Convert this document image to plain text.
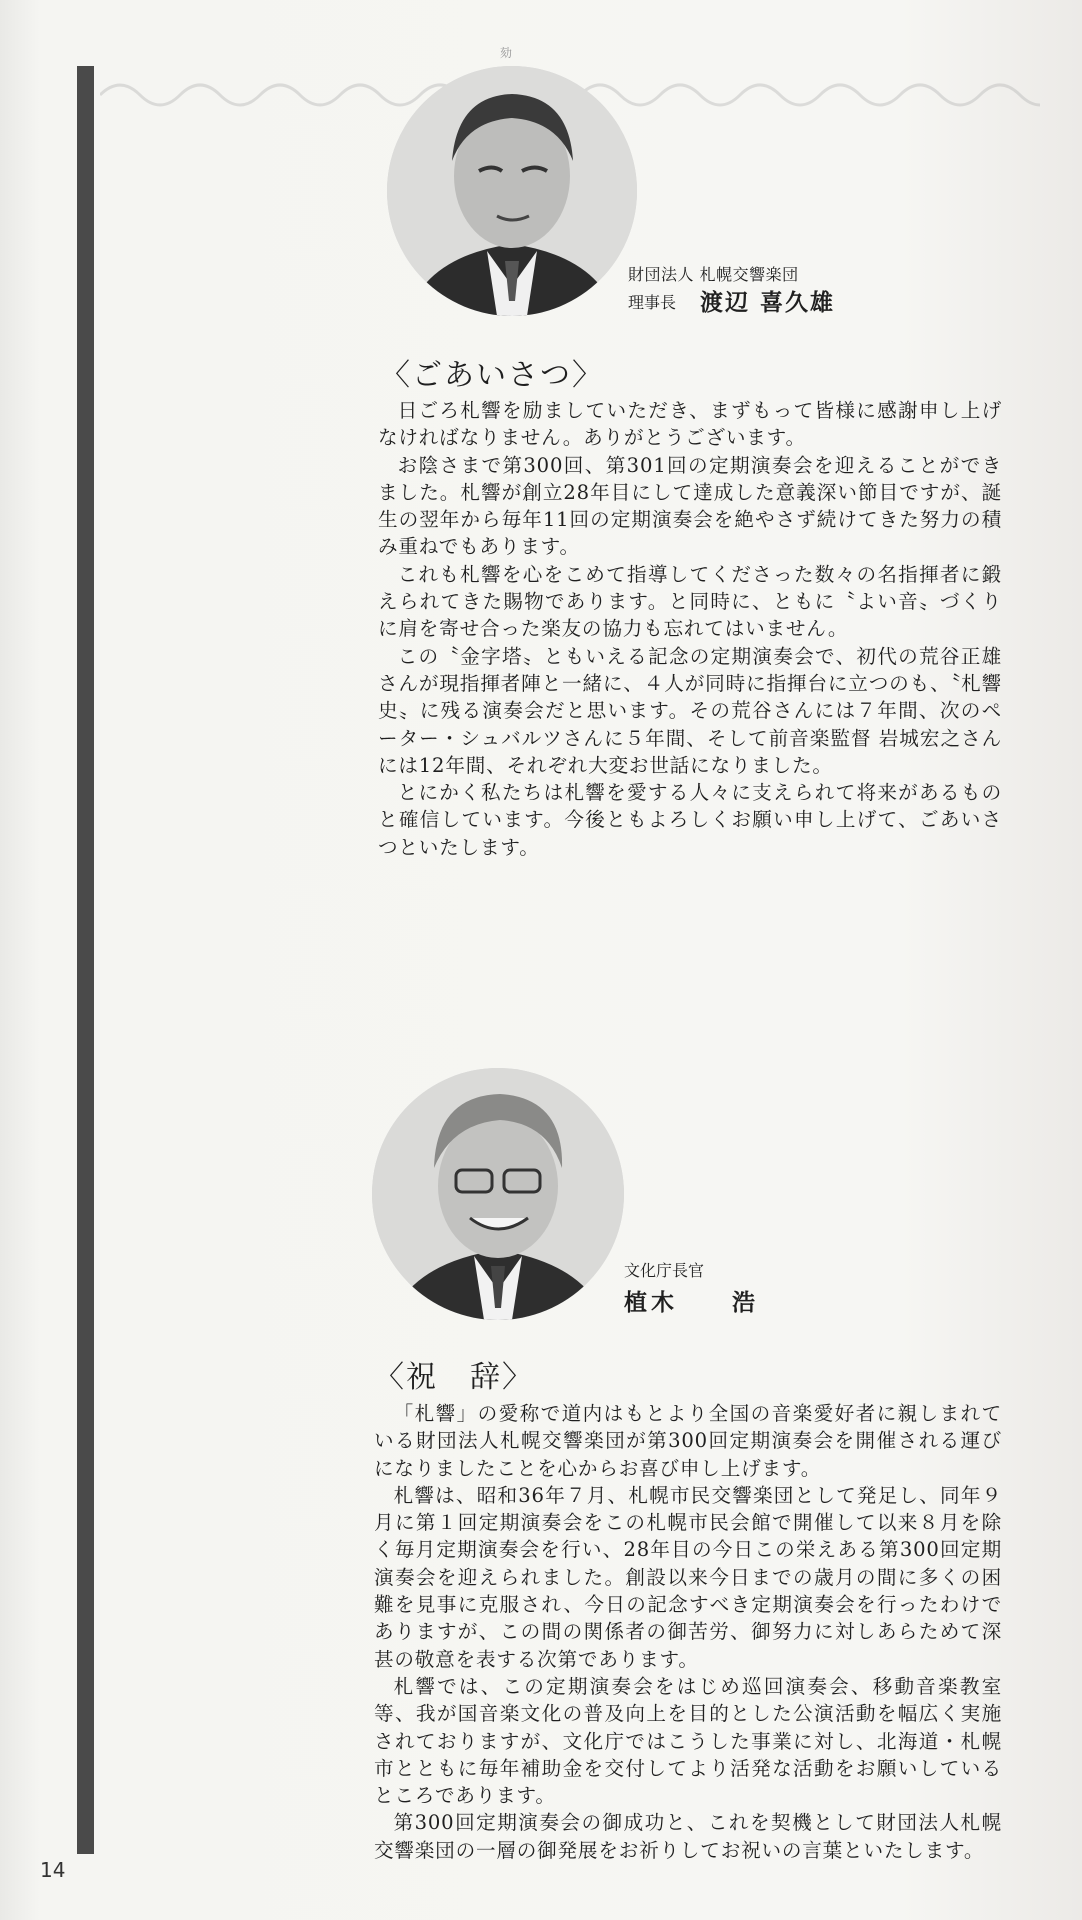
劾
財団法人 札幌交響楽団
理事長 渡辺 喜久雄
〈ごあいさつ〉

日ごろ札響を励ましていただき、まずもって皆様に感謝申し上げなければなりません。ありがとうございます。

お陰さまで第300回、第301回の定期演奏会を迎えることができました。札響が創立28年目にして達成した意義深い節目ですが、誕生の翌年から毎年11回の定期演奏会を絶やさず続けてきた努力の積み重ねでもあります。

これも札響を心をこめて指導してくださった数々の名指揮者に鍛えられてきた賜物であります。と同時に、ともに〝よい音〟づくりに肩を寄せ合った楽友の協力も忘れてはいません。

この〝金字塔〟ともいえる記念の定期演奏会で、初代の荒谷正雄さんが現指揮者陣と一緒に、４人が同時に指揮台に立つのも、〝札響史〟に残る演奏会だと思います。その荒谷さんには７年間、次のペーター・シュバルツさんに５年間、そして前音楽監督 岩城宏之さんには12年間、それぞれ大変お世話になりました。

とにかく私たちは札響を愛する人々に支えられて将来があるものと確信しています。今後ともよろしくお願い申し上げて、ごあいさつといたします。

文化庁長官
植木　　浩
〈祝　辞〉

「札響」の愛称で道内はもとより全国の音楽愛好者に親しまれている財団法人札幌交響楽団が第300回定期演奏会を開催される運びになりましたことを心からお喜び申し上げます。

札響は、昭和36年７月、札幌市民交響楽団として発足し、同年９月に第１回定期演奏会をこの札幌市民会館で開催して以来８月を除く毎月定期演奏会を行い、28年目の今日この栄えある第300回定期演奏会を迎えられました。創設以来今日までの歳月の間に多くの困難を見事に克服され、今日の記念すべき定期演奏会を行ったわけでありますが、この間の関係者の御苦労、御努力に対しあらためて深甚の敬意を表する次第であります。

札響では、この定期演奏会をはじめ巡回演奏会、移動音楽教室等、我が国音楽文化の普及向上を目的とした公演活動を幅広く実施されておりますが、文化庁ではこうした事業に対し、北海道・札幌市とともに毎年補助金を交付してより活発な活動をお願いしているところであります。

第300回定期演奏会の御成功と、これを契機として財団法人札幌交響楽団の一層の御発展をお祈りしてお祝いの言葉といたします。

14
